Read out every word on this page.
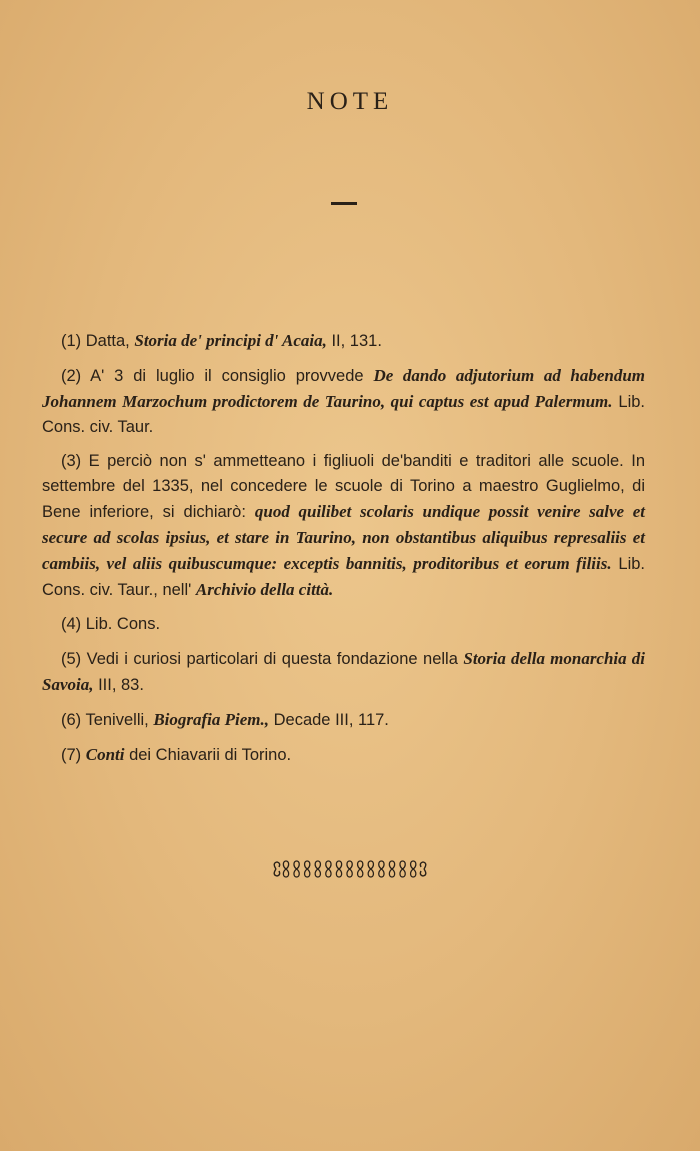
NOTE

(1) Datta, Storia de' principi d' Acaia, II, 131.

(2) A' 3 di luglio il consiglio provvede De dando adjutorium ad habendum Johannem Marzochum prodictorem de Taurino, qui captus est apud Palermum. Lib. Cons. civ. Taur.

(3) E perciò non s' ammetteano i figliuoli de'banditi e traditori alle scuole. In settembre del 1335, nel concedere le scuole di Torino a maestro Guglielmo, di Bene inferiore, si dichiarò: quod quilibet scolaris undique possit venire salve et secure ad scolas ipsius, et stare in Taurino, non obstantibus aliquibus represaliis et cambiis, vel aliis quibuscumque: exceptis bannitis, proditoribus et eorum filiis. Lib. Cons. civ. Taur., nell' Archivio della città.

(4) Lib. Cons.

(5) Vedi i curiosi particolari di questa fondazione nella Storia della monarchia di Savoia, III, 83.

(6) Tenivelli, Biografia Piem., Decade III, 117.

(7) Conti dei Chiavarii di Torino.
